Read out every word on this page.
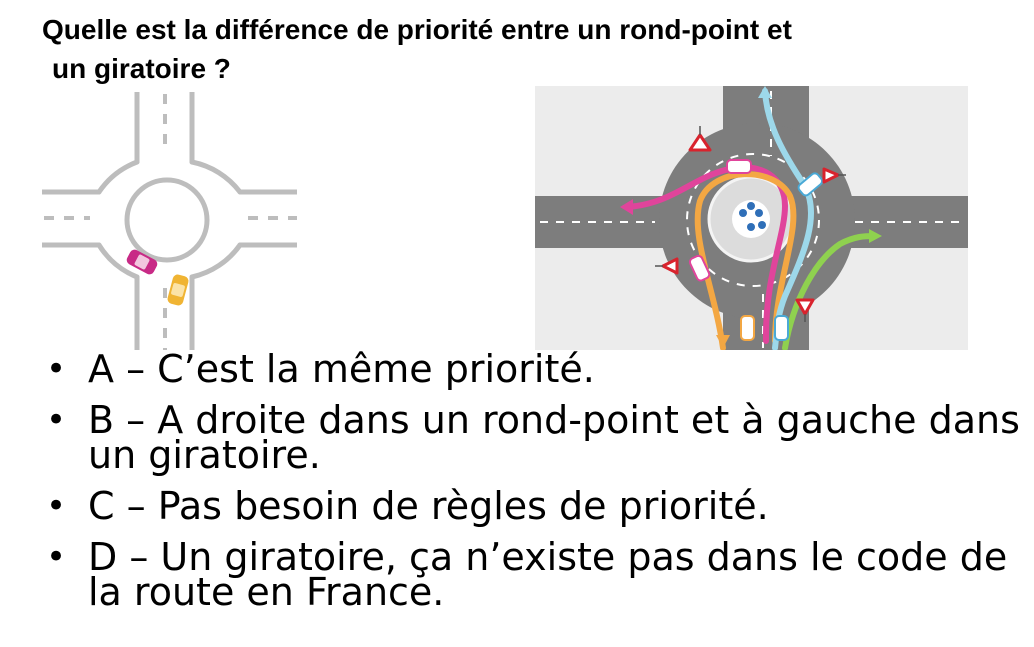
Quelle est la différence de priorité entre un rond-point et
un giratoire ?
• A – C’est la même priorité.
• B – A droite dans un rond-point et à gauche dans un giratoire.
• C – Pas besoin de règles de priorité.
• D – Un giratoire, ça n’existe pas dans le code de la route en France.
